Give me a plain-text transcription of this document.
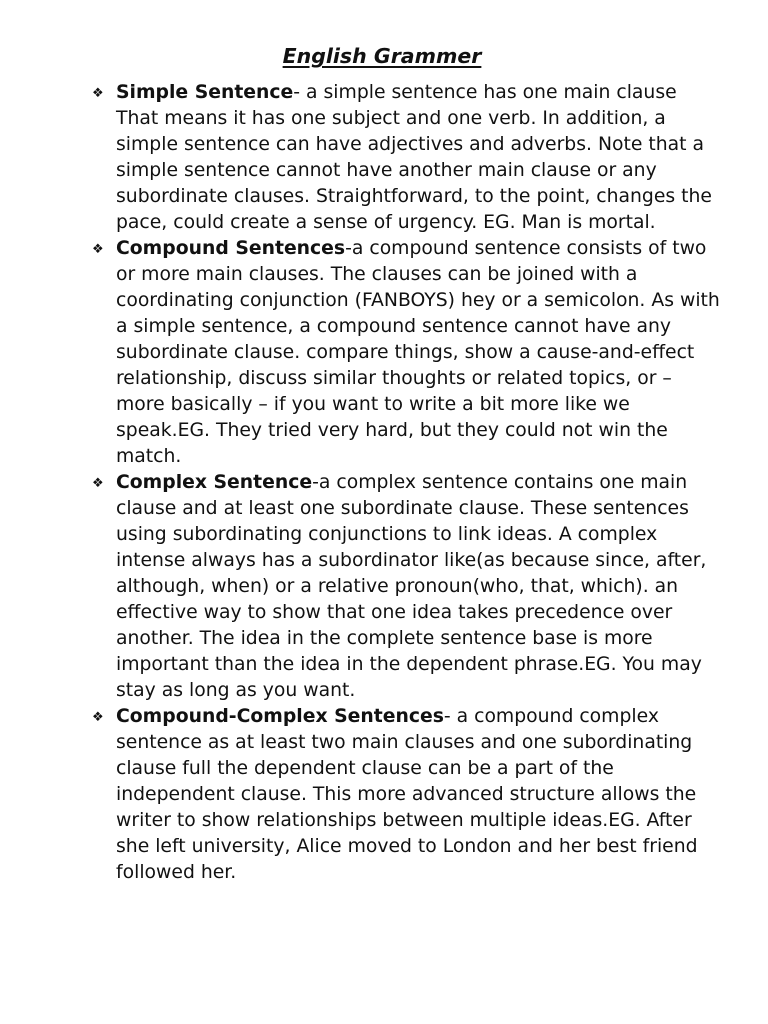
English Grammer
❖ Simple Sentence- a simple sentence has one main clause That means it has one subject and one verb. In addition, a simple sentence can have adjectives and adverbs. Note that a simple sentence cannot have another main clause or any subordinate clauses. Straightforward, to the point, changes the pace, could create a sense of urgency. EG. Man is mortal.
❖ Compound Sentences-a compound sentence consists of two or more main clauses. The clauses can be joined with a coordinating conjunction (FANBOYS) hey or a semicolon. As with a simple sentence, a compound sentence cannot have any subordinate clause. compare things, show a cause-and-effect relationship, discuss similar thoughts or related topics, or – more basically – if you want to write a bit more like we speak.EG. They tried very hard, but they could not win the match.
❖ Complex Sentence-a complex sentence contains one main clause and at least one subordinate clause. These sentences using subordinating conjunctions to link ideas. A complex intense always has a subordinator like(as because since, after, although, when) or a relative pronoun(who, that, which). an effective way to show that one idea takes precedence over another. The idea in the complete sentence base is more important than the idea in the dependent phrase.EG. You may stay as long as you want.
❖ Compound-Complex Sentences- a compound complex sentence as at least two main clauses and one subordinating clause full the dependent clause can be a part of the independent clause. This more advanced structure allows the writer to show relationships between multiple ideas.EG. After she left university, Alice moved to London and her best friend followed her.
